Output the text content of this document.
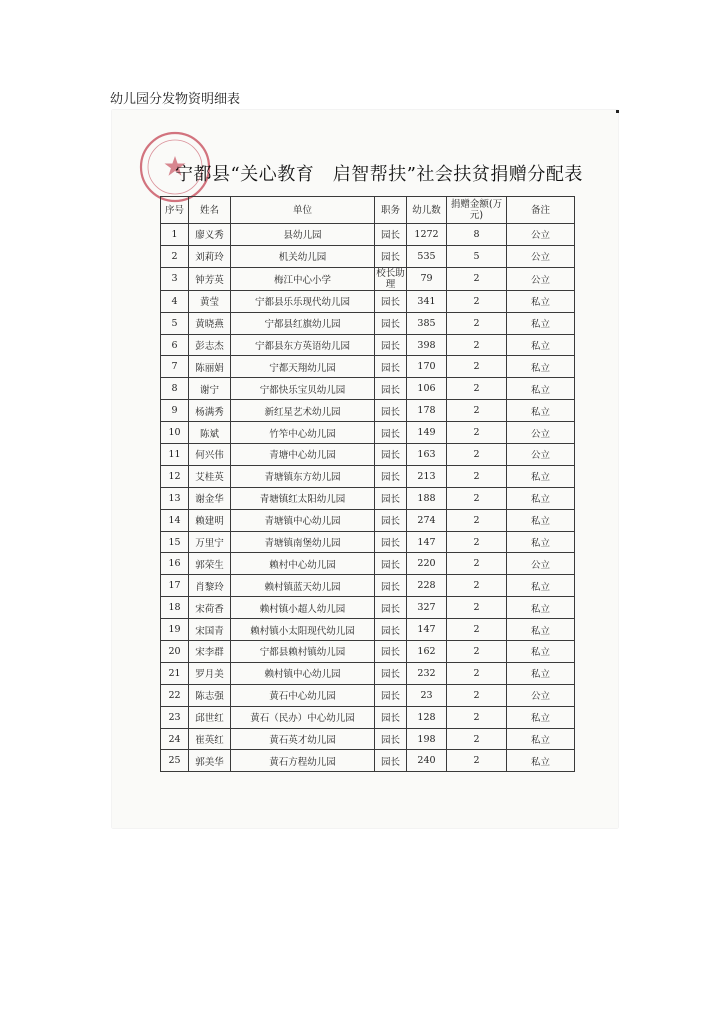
幼儿园分发物资明细表
宁都县“关心教育　启智帮扶”社会扶贫捐赠分配表
序号	姓名	单位	职务	幼儿数	捐赠金额(万元)	备注
1	廖义秀	县幼儿园	园长	1272	8	公立
2	刘莉玲	机关幼儿园	园长	535	5	公立
3	钟芳英	梅江中心小学	校长助理	79	2	公立
4	黄莹	宁都县乐乐现代幼儿园	园长	341	2	私立
5	黄晓燕	宁都县红旗幼儿园	园长	385	2	私立
6	彭志杰	宁都县东方英语幼儿园	园长	398	2	私立
7	陈丽娟	宁都天翔幼儿园	园长	170	2	私立
8	谢宁	宁都快乐宝贝幼儿园	园长	106	2	私立
9	杨满秀	新红星艺术幼儿园	园长	178	2	私立
10	陈斌	竹笮中心幼儿园	园长	149	2	公立
11	何兴伟	青塘中心幼儿园	园长	163	2	公立
12	艾桂英	青塘镇东方幼儿园	园长	213	2	私立
13	谢金华	青塘镇红太阳幼儿园	园长	188	2	私立
14	赖建明	青塘镇中心幼儿园	园长	274	2	私立
15	万里宁	青塘镇南堡幼儿园	园长	147	2	私立
16	郭荣生	赖村中心幼儿园	园长	220	2	公立
17	肖黎玲	赖村镇蓝天幼儿园	园长	228	2	私立
18	宋荷香	赖村镇小超人幼儿园	园长	327	2	私立
19	宋国青	赖村镇小太阳现代幼儿园	园长	147	2	私立
20	宋李群	宁都县赖村镇幼儿园	园长	162	2	私立
21	罗月美	赖村镇中心幼儿园	园长	232	2	私立
22	陈志强	黄石中心幼儿园	园长	23	2	公立
23	邱世红	黄石（民办）中心幼儿园	园长	128	2	私立
24	崔英红	黄石英才幼儿园	园长	198	2	私立
25	郭美华	黄石方程幼儿园	园长	240	2	私立
